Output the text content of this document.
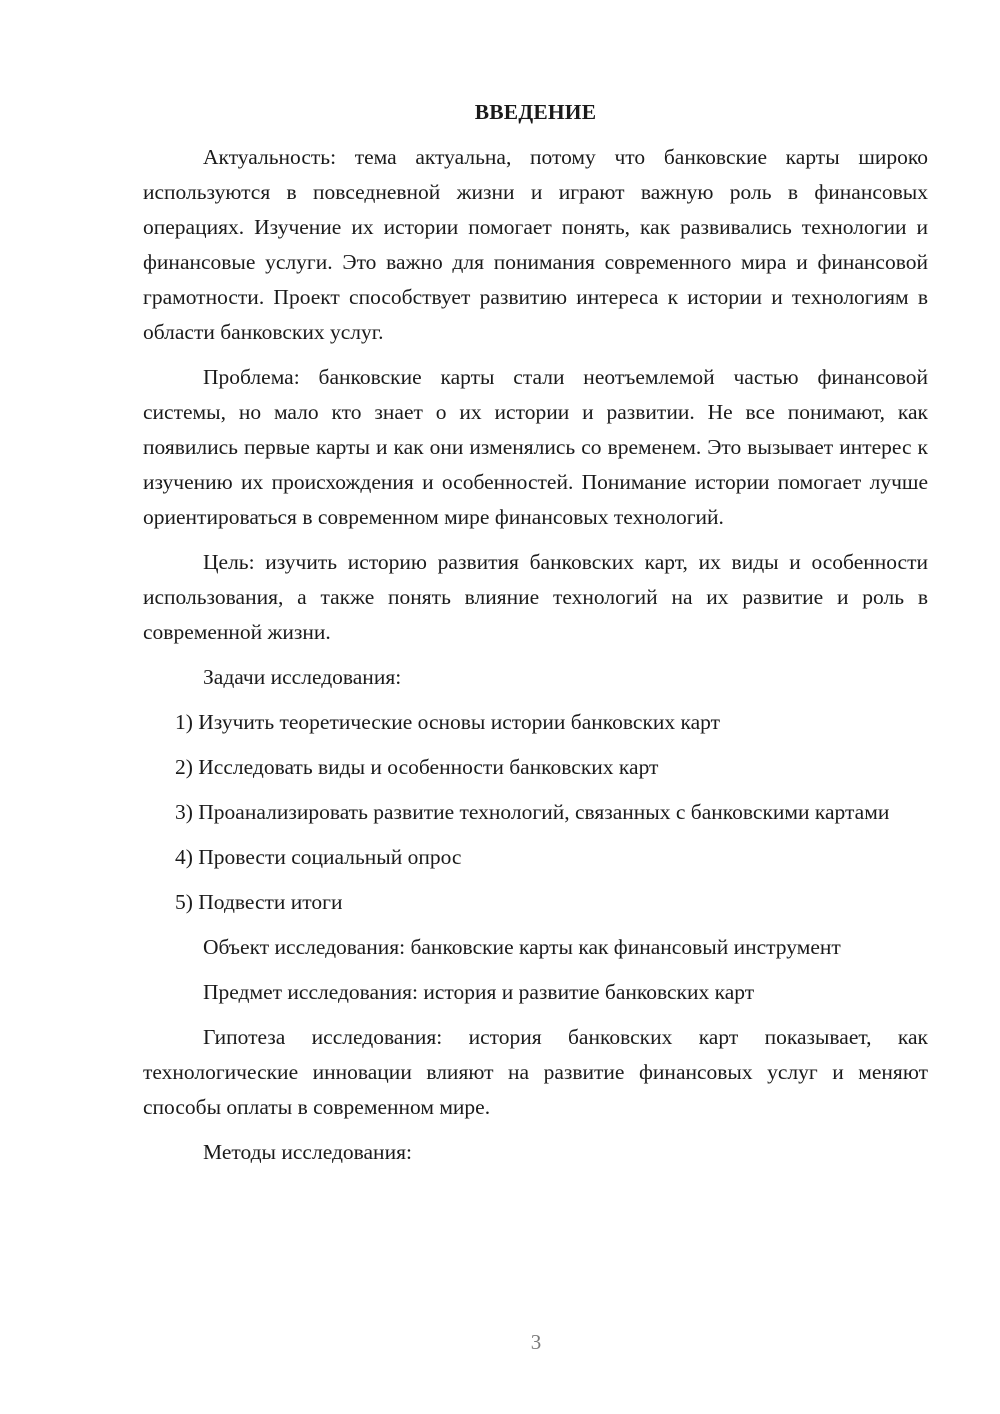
ВВЕДЕНИЕ

Актуальность: тема актуальна, потому что банковские карты широко используются в повседневной жизни и играют важную роль в финансовых операциях. Изучение их истории помогает понять, как развивались технологии и финансовые услуги. Это важно для понимания современного мира и финансовой грамотности. Проект способствует развитию интереса к истории и технологиям в области банковских услуг.

Проблема: банковские карты стали неотъемлемой частью финансовой системы, но мало кто знает о их истории и развитии. Не все понимают, как появились первые карты и как они изменялись со временем. Это вызывает интерес к изучению их происхождения и особенностей. Понимание истории помогает лучше ориентироваться в современном мире финансовых технологий.

Цель: изучить историю развития банковских карт, их виды и особенности использования, а также понять влияние технологий на их развитие и роль в современной жизни.

Задачи исследования:

1) Изучить теоретические основы истории банковских карт

2) Исследовать виды и особенности банковских карт

3) Проанализировать развитие технологий, связанных с банковскими картами

4) Провести социальный опрос

5) Подвести итоги

Объект исследования: банковские карты как финансовый инструмент

Предмет исследования: история и развитие банковских карт

Гипотеза исследования: история банковских карт показывает, как технологические инновации влияют на развитие финансовых услуг и меняют способы оплаты в современном мире.

Методы исследования:

3
